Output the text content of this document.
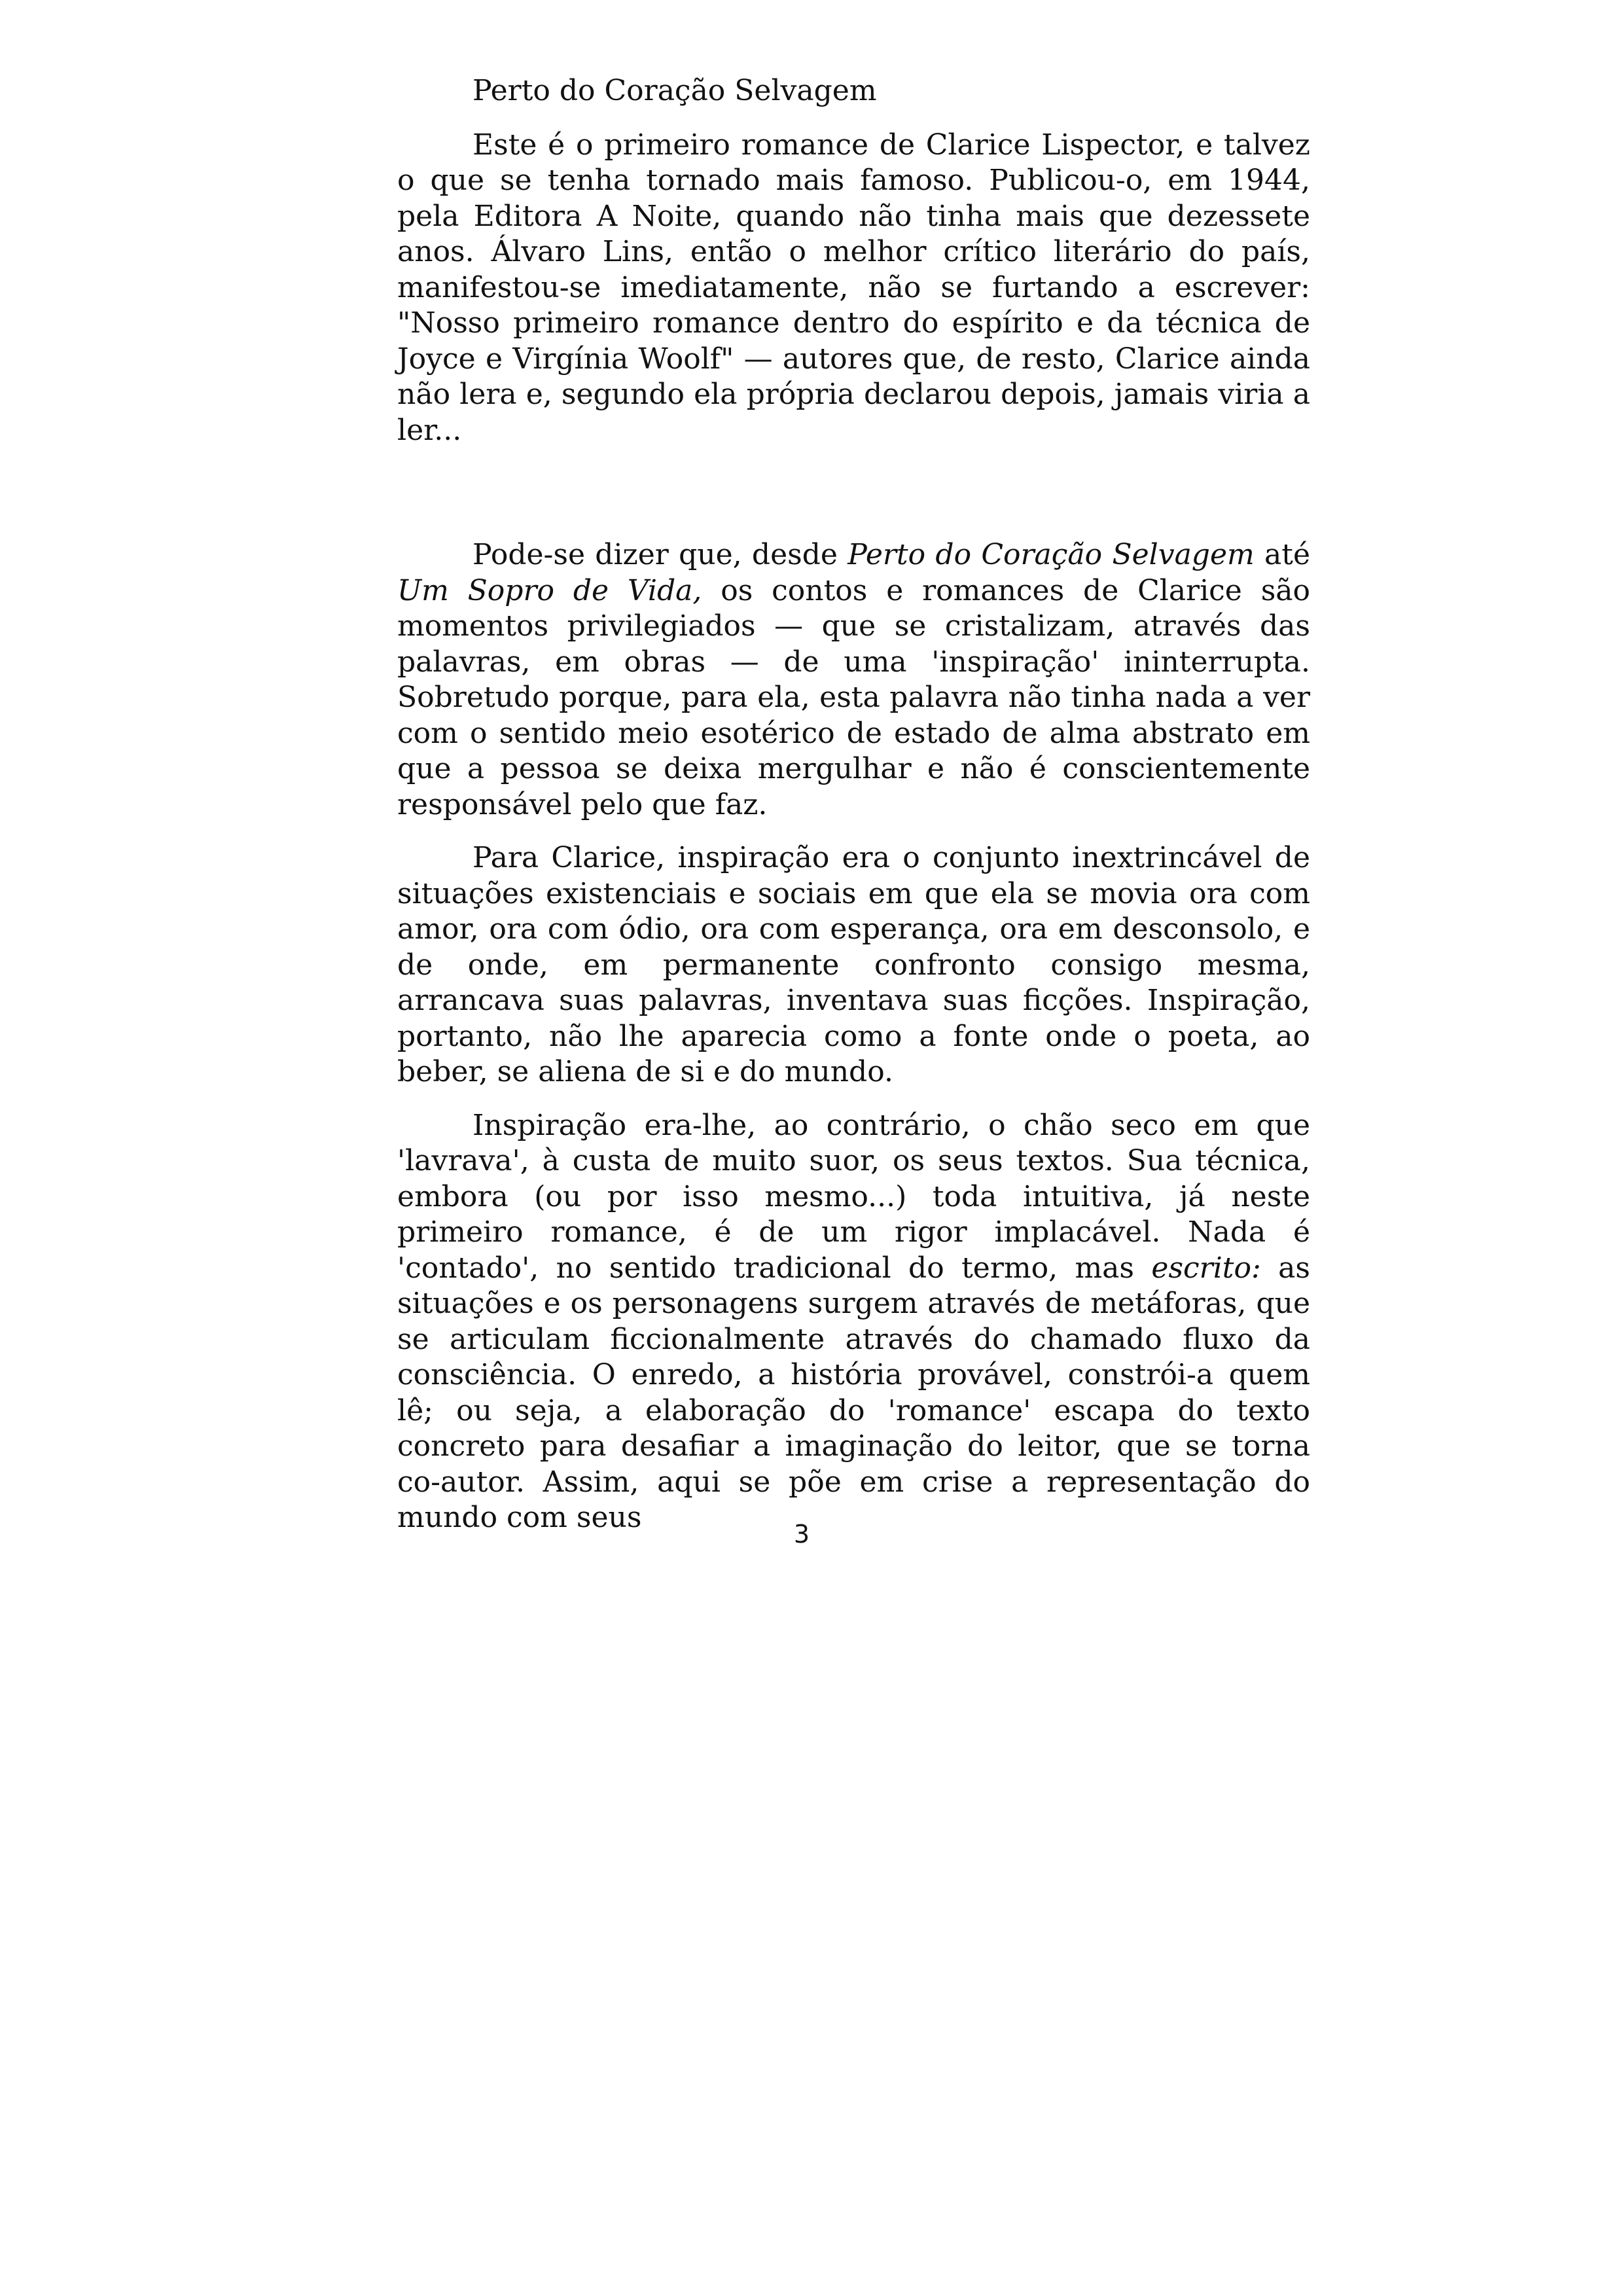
Perto do Coração Selvagem

Este é o primeiro romance de Clarice Lispector, e talvez o que se tenha tornado mais famoso. Publicou-o, em 1944, pela Editora A Noite, quando não tinha mais que dezessete anos. Álvaro Lins, então o melhor crítico literário do país, manifestou-se imediatamente, não se furtando a escrever: "Nosso primeiro romance dentro do espírito e da técnica de Joyce e Virgínia Woolf" — autores que, de resto, Clarice ainda não lera e, segundo ela própria declarou depois, jamais viria a ler...

Pode-se dizer que, desde Perto do Coração Selvagem até Um Sopro de Vida, os contos e romances de Clarice são momentos privilegiados — que se cristalizam, através das palavras, em obras — de uma 'inspiração' ininterrupta. Sobretudo porque, para ela, esta palavra não tinha nada a ver com o sentido meio esotérico de estado de alma abstrato em que a pessoa se deixa mergulhar e não é conscientemente responsável pelo que faz.

Para Clarice, inspiração era o conjunto inextrincável de situações existenciais e sociais em que ela se movia ora com amor, ora com ódio, ora com esperança, ora em desconsolo, e de onde, em permanente confronto consigo mesma, arrancava suas palavras, inventava suas ficções. Inspiração, portanto, não lhe aparecia como a fonte onde o poeta, ao beber, se aliena de si e do mundo.

Inspiração era-lhe, ao contrário, o chão seco em que 'lavrava', à custa de muito suor, os seus textos. Sua técnica, embora (ou por isso mesmo...) toda intuitiva, já neste primeiro romance, é de um rigor implacável. Nada é 'contado', no sentido tradicional do termo, mas escrito: as situações e os personagens surgem através de metáforas, que se articulam ficcionalmente através do chamado fluxo da consciência. O enredo, a história provável, constrói-a quem lê; ou seja, a elaboração do 'romance' escapa do texto concreto para desafiar a imaginação do leitor, que se torna co-autor. Assim, aqui se põe em crise a representação do mundo com seus	3
